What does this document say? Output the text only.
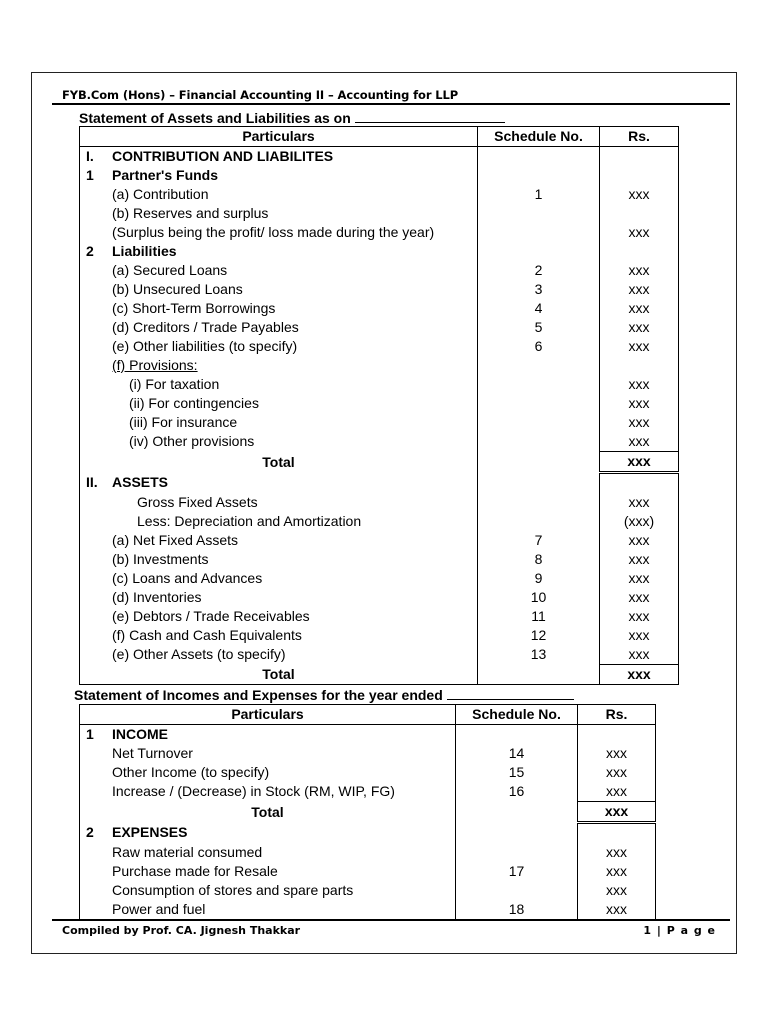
FYB.Com (Hons) – Financial Accounting II – Accounting for LLP
Statement of Assets and Liabilities as on
Particulars	Schedule No.	Rs.
I. CONTRIBUTION AND LIABILITES		
1 Partner's Funds		
(a) Contribution	1	xxx
(b) Reserves and surplus		
(Surplus being the profit/ loss made during the year)		xxx
2 Liabilities		
(a) Secured Loans	2	xxx
(b) Unsecured Loans	3	xxx
(c) Short-Term Borrowings	4	xxx
(d) Creditors / Trade Payables	5	xxx
(e) Other liabilities (to specify)	6	xxx
(f) Provisions:		
(i) For taxation		xxx
(ii) For contingencies		xxx
(iii) For insurance		xxx
(iv) Other provisions		xxx
Total		xxx
II. ASSETS		
Gross Fixed Assets		xxx
Less: Depreciation and Amortization		(xxx)
(a) Net Fixed Assets	7	xxx
(b) Investments	8	xxx
(c) Loans and Advances	9	xxx
(d) Inventories	10	xxx
(e) Debtors / Trade Receivables	11	xxx
(f) Cash and Cash Equivalents	12	xxx
(e) Other Assets (to specify)	13	xxx
Total		xxx
Statement of Incomes and Expenses for the year ended
Particulars	Schedule No.	Rs.
1 INCOME		
Net Turnover	14	xxx
Other Income (to specify)	15	xxx
Increase / (Decrease) in Stock (RM, WIP, FG)	16	xxx
Total		xxx
2 EXPENSES		
Raw material consumed		xxx
Purchase made for Resale	17	xxx
Consumption of stores and spare parts		xxx
Power and fuel	18	xxx
Compiled by Prof. CA. Jignesh Thakkar	1 | P a g e
